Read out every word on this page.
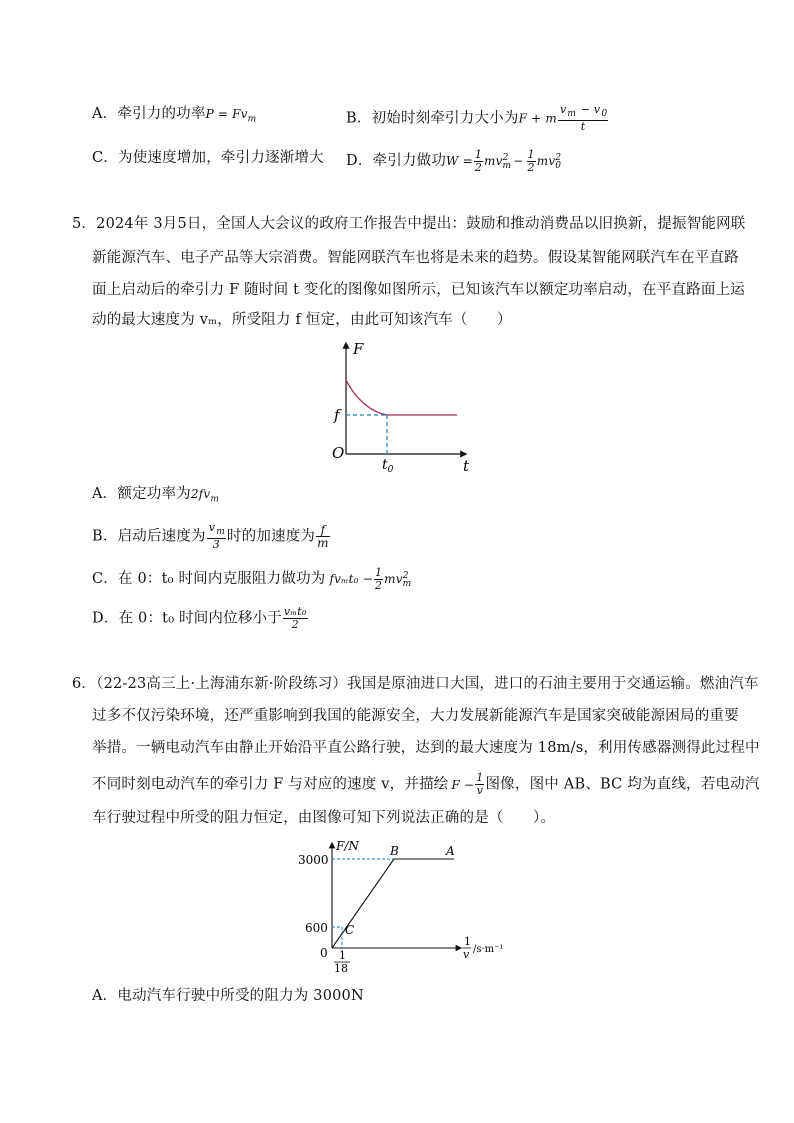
A．牵引力的功率$P = Fv_m$	B．初始时刻牵引力大小为F + m $\frac{v_m - v_0}{t}$
C．为使速度增加，牵引力逐渐增大 D．牵引力做功$W = \frac{1}{2} mv^2_m - \frac{1}{2} mv^2_0$
5．2024年 3月5日，全国人大会议的政府工作报告中提出：鼓励和推动消费品以旧换新，提振智能网联
新能源汽车、电子产品等大宗消费。智能网联汽车也将是未来的趋势。假设某智能网联汽车在平直路
面上启动后的牵引力 F 随时间 t 变化的图像如图所示，已知该汽车以额定功率启动，在平直路面上运
动的最大速度为 vₘ，所受阻力 f 恒定，由此可知该汽车（　　）
F
t
O
f
$t_0$
A．额定功率为$2fv_m$
B．启动后速度为 $\frac{v_m}{3}$ 时的加速度为 $\frac{f}{m}$
C．在 0：t₀ 时间内克服阻力做功为 $fv_mt_0 - \frac{1}{2} mv^2_m$
D．在 0：t₀ 时间内位移小于 $\frac{\text{vₘt₀}}{2}$
6．（22-23高三上·上海浦东新·阶段练习）我国是原油进口大国，进口的石油主要用于交通运输。燃油汽车
过多不仅污染环境，还严重影响到我国的能源安全，大力发展新能源汽车是国家突破能源困局的重要
举措。一辆电动汽车由静止开始沿平直公路行驶，达到的最大速度为 18m/s，利用传感器测得此过程中
不同时刻电动汽车的牵引力 F 与对应的速度 v，并描绘 $F - \frac{1}{v}$ 图像，图中 AB、BC 均为直线，若电动汽
车行驶过程中所受的阻力恒定，由图像可知下列说法正确的是（　　）。
F/N
3000
600
0
B	A
C
1
18
1
v /s·m⁻¹
A．电动汽车行驶中所受的阻力为 3000N
